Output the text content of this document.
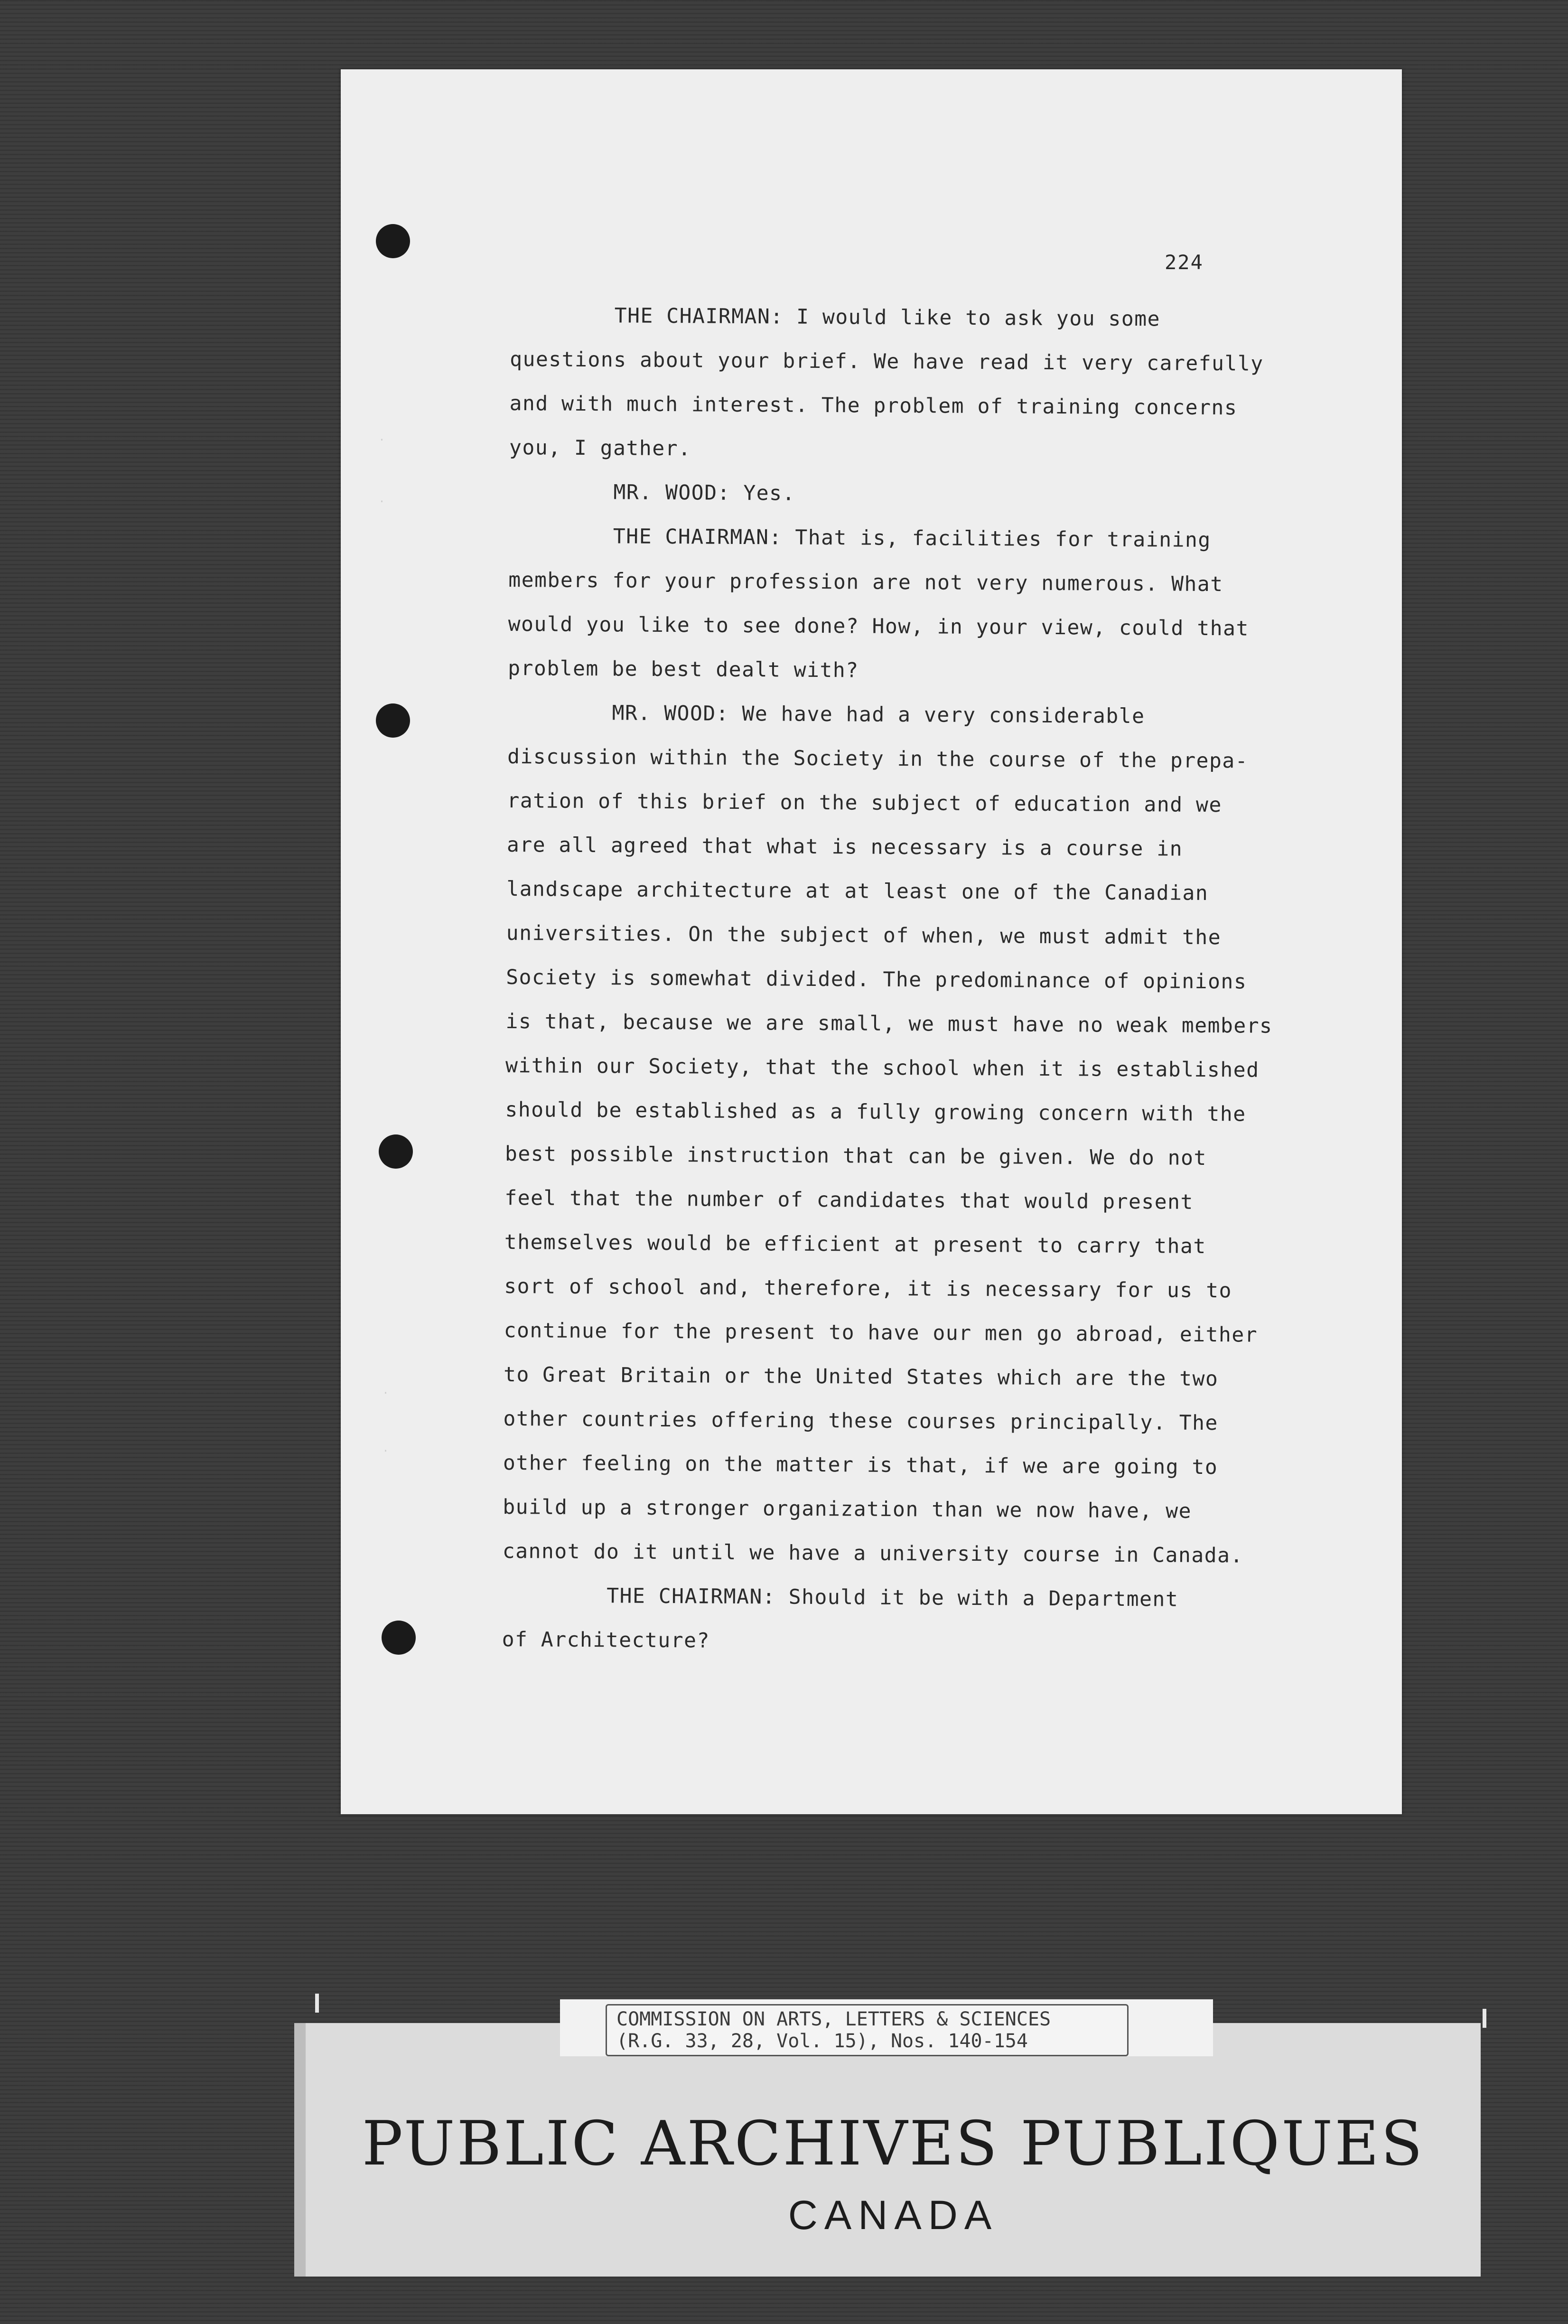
·
·
·
·
224

THE CHAIRMAN: I would like to ask you some
questions about your brief. We have read it very carefully
and with much interest. The problem of training concerns
you, I gather.

MR. WOOD: Yes.

THE CHAIRMAN: That is, facilities for training
members for your profession are not very numerous. What
would you like to see done? How, in your view, could that
problem be best dealt with?

MR. WOOD: We have had a very considerable
discussion within the Society in the course of the prepa-
ration of this brief on the subject of education and we
are all agreed that what is necessary is a course in
landscape architecture at at least one of the Canadian
universities. On the subject of when, we must admit the
Society is somewhat divided. The predominance of opinions
is that, because we are small, we must have no weak members
within our Society, that the school when it is established
should be established as a fully growing concern with the
best possible instruction that can be given. We do not
feel that the number of candidates that would present
themselves would be efficient at present to carry that
sort of school and, therefore, it is necessary for us to
continue for the present to have our men go abroad, either
to Great Britain or the United States which are the two
other countries offering these courses principally. The
other feeling on the matter is that, if we are going to
build up a stronger organization than we now have, we
cannot do it until we have a university course in Canada.

THE CHAIRMAN: Should it be with a Department
of Architecture?

COMMISSION ON ARTS, LETTERS & SCIENCES
(R.G. 33, 28, Vol. 15), Nos. 140-154
PUBLIC ARCHIVES PUBLIQUES
CANADA
